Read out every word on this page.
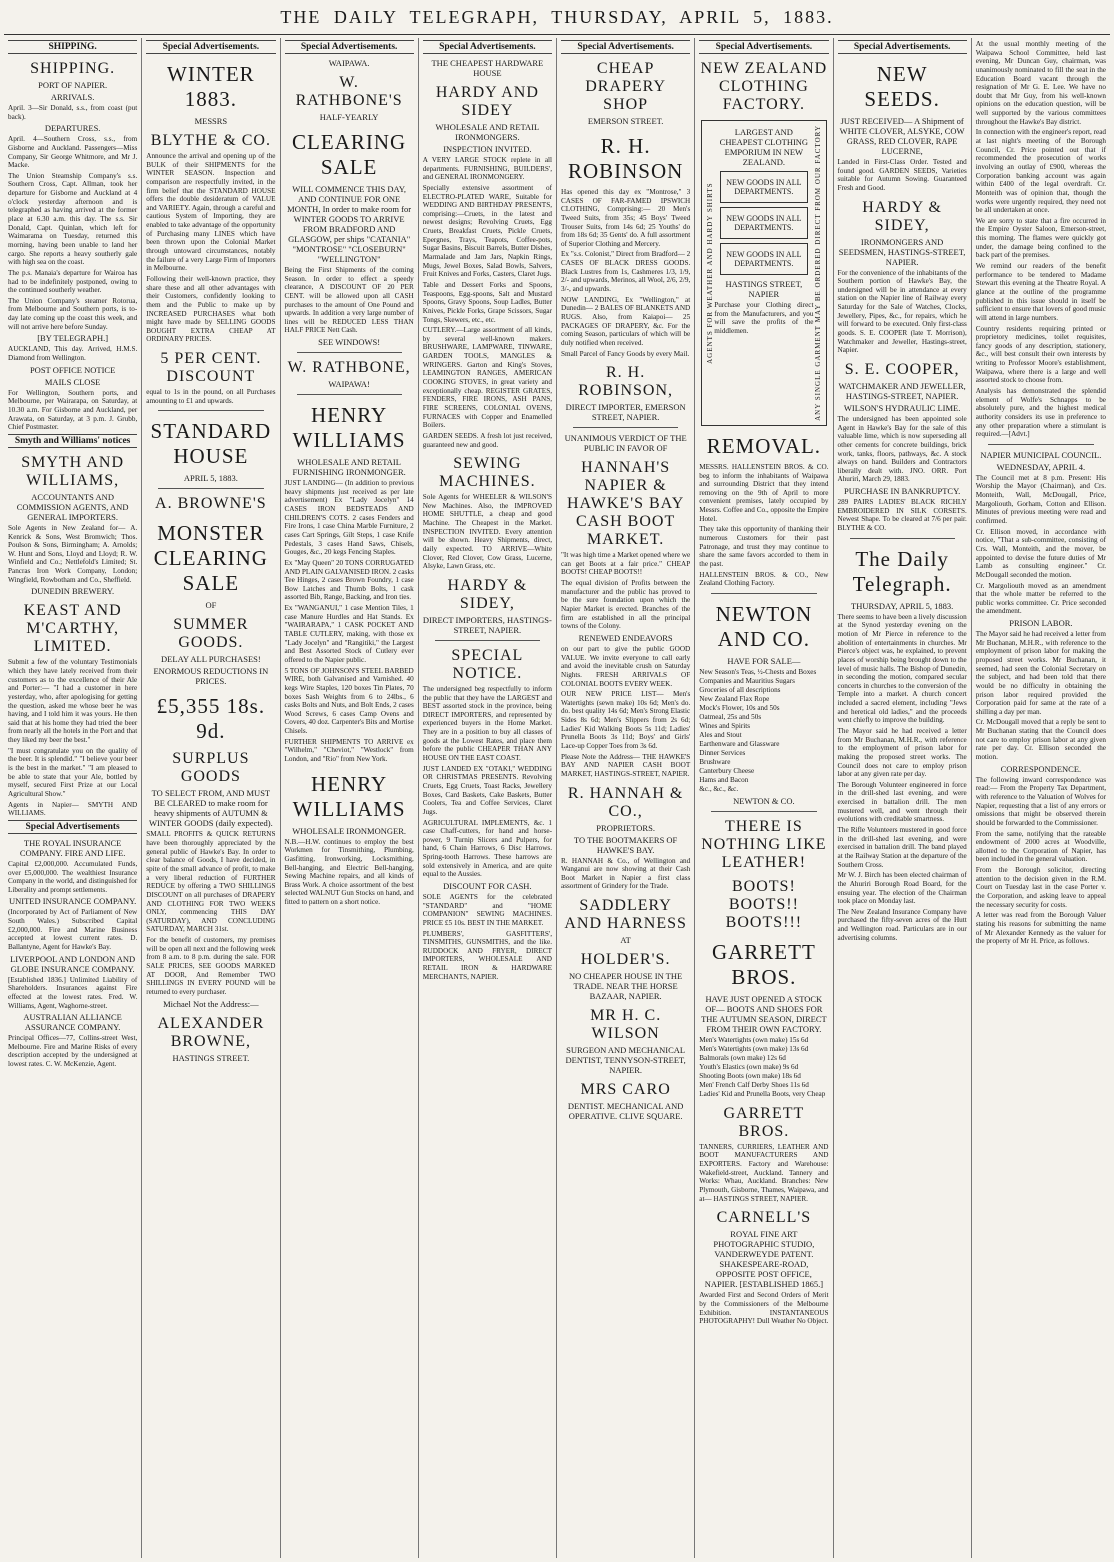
THE DAILY TELEGRAPH, THURSDAY, APRIL 5, 1883.
SHIPPING.
SHIPPING.
PORT OF NAPIER.
ARRIVALS.
April. 3—Sir Donald, s.s., from coast (put back).
DEPARTURES.
April. 4—Southern Cross, s.s., from Gisborne and Auckland. Passengers—Miss Company, Sir George Whitmore, and Mr J. Macke.
The Union Steamship Company's s.s. Southern Cross, Capt. Allman, took her departure for Gisborne and Auckland at 4 o'clock yesterday afternoon and is telegraphed as having arrived at the former place at 6.30 a.m. this day. The s.s. Sir Donald, Capt. Quinlan, which left for Waimarama on Tuesday, returned this morning, having been unable to land her cargo. She reports a heavy southerly gale with high sea on the coast.
The p.s. Manaia's departure for Wairoa has had to be indefinitely postponed, owing to the continued southerly weather.
The Union Company's steamer Rotorua, from Melbourne and Southern ports, is to-day late coming up the coast this week, and will not arrive here before Sunday.
[BY TELEGRAPH.]
AUCKLAND, This day. Arrived, H.M.S. Diamond from Wellington.
POST OFFICE NOTICE
MAILS CLOSE
For Wellington, Southern ports, and Melbourne, per Wairarapa, on Saturday, at 10.30 a.m. For Gisborne and Auckland, per Arawata, on Saturday, at 3 p.m. J. Grubb, Chief Postmaster.
Smyth and Williams' notices
SMYTH AND WILLIAMS,
ACCOUNTANTS AND COMMISSION AGENTS, AND GENERAL IMPORTERS.
Sole Agents in New Zealand for— A. Kenrick & Sons, West Bromwich; Thos. Poulson & Sons, Birmingham; A. Arnolds; W. Hunt and Sons, Lloyd and Lloyd; R. W. Winfield and Co.; Nettlefold's Limited; St. Pancras Iron Work Company, London; Wingfield, Rowbotham and Co., Sheffield.
DUNEDIN BREWERY.
KEAST AND M'CARTHY, LIMITED.
Submit a few of the voluntary Testimonials which they have lately received from their customers as to the excellence of their Ale and Porter:— "I had a customer in here yesterday, who, after apologising for getting the question, asked me whose beer he was having, and I told him it was yours. He then said that at his home they had tried the beer from nearly all the hotels in the Port and that they liked my beer the best."
"I must congratulate you on the quality of the beer. It is splendid." "I believe your beer is the best in the market." "I am pleased to be able to state that your Ale, bottled by myself, secured First Prize at our Local Agricultural Show."
Agents in Napier— SMYTH AND WILLIAMS.
Special Advertisements
THE ROYAL INSURANCE COMPANY. FIRE AND LIFE.
Capital £2,000,000. Accumulated Funds, over £5,000,000. The wealthiest Insurance Company in the world, and distinguished for Liberality and prompt settlements.
UNITED INSURANCE COMPANY.
(Incorporated by Act of Parliament of New South Wales.) Subscribed Capital £2,000,000. Fire and Marine Business accepted at lowest current rates. D. Ballantyne, Agent for Hawke's Bay.
LIVERPOOL AND LONDON AND GLOBE INSURANCE COMPANY.
[Established 1836.] Unlimited Liability of Shareholders. Insurances against Fire effected at the lowest rates. Fred. W. Williams, Agent, Waghorne-street.
AUSTRALIAN ALLIANCE ASSURANCE COMPANY.
Principal Offices—77, Collins-street West, Melbourne. Fire and Marine Risks of every description accepted by the undersigned at lowest rates. C. W. McKenzie, Agent.
Special Advertisements.
WINTER 1883.
MESSRS
BLYTHE & CO.
Announce the arrival and opening up of the BULK of their SHIPMENTS for the WINTER SEASON. Inspection and comparison are respectfully invited, in the firm belief that the STANDARD HOUSE offers the double desideratum of VALUE and VARIETY. Again, through a careful and cautious System of Importing, they are enabled to take advantage of the opportunity of Purchasing many LINES which have been thrown upon the Colonial Market through untoward circumstances, notably the failure of a very Large Firm of Importers in Melbourne.
Following their well-known practice, they share these and all other advantages with their Customers, confidently looking to them and the Public to make up by INCREASED PURCHASES what both might have made by SELLING GOODS BOUGHT EXTRA CHEAP AT ORDINARY PRICES.
5 PER CENT. DISCOUNT
equal to 1s in the pound, on all Purchases amounting to £1 and upwards.
STANDARD HOUSE
APRIL 5, 1883.
A. BROWNE'S
MONSTER CLEARING SALE
OF
SUMMER GOODS.
DELAY ALL PURCHASES!
ENORMOUS REDUCTIONS IN PRICES.
£5,355 18s. 9d.
SURPLUS GOODS
TO SELECT FROM, AND MUST BE CLEARED to make room for heavy shipments of AUTUMN & WINTER GOODS (daily expected).
SMALL PROFITS & QUICK RETURNS have been thoroughly appreciated by the general public of Hawke's Bay. In order to clear balance of Goods, I have decided, in spite of the small advance of profit, to make a very liberal reduction of FURTHER REDUCE by offering a TWO SHILLINGS DISCOUNT on all purchases of DRAPERY AND CLOTHING FOR TWO WEEKS ONLY, commencing THIS DAY (SATURDAY), AND CONCLUDING SATURDAY, MARCH 31st.
For the benefit of customers, my premises will be open all next and the following week from 8 a.m. to 8 p.m. during the sale. FOR SALE PRICES, SEE GOODS MARKED AT DOOR, And Remember TWO SHILLINGS IN EVERY POUND will be returned to every purchaser.
Michael Not the Address:—
ALEXANDER BROWNE,
HASTINGS STREET.
Special Advertisements.
WAIPAWA.
W. RATHBONE'S
HALF-YEARLY
CLEARING SALE
WILL COMMENCE THIS DAY, AND CONTINUE FOR ONE MONTH, In order to make room for WINTER GOODS TO ARRIVE FROM BRADFORD AND GLASGOW, per ships "CATANIA" "MONTROSE" "CLOSEBURN" "WELLINGTON"
Being the First Shipments of the coming Season. In order to effect a speedy clearance, A DISCOUNT OF 20 PER CENT. will be allowed upon all CASH purchases to the amount of One Pound and upwards. In addition a very large number of lines will be REDUCED LESS THAN HALF PRICE Nett Cash.
SEE WINDOWS!
W. RATHBONE,
WAIPAWA!
HENRY WILLIAMS
WHOLESALE AND RETAIL FURNISHING IRONMONGER.
JUST LANDING— (In addition to previous heavy shipments just received as per late advertisement) Ex "Lady Jocelyn" 14 CASES IRON BEDSTEADS AND CHILDREN'S COTS. 2 cases Fenders and Fire Irons, 1 case China Marble Furniture, 2 cases Cart Springs, Gilt Steps, 1 case Knife Pedestals, 3 cases Hand Saws, Chisels, Gouges, &c., 20 kegs Fencing Staples.
Ex "May Queen" 20 TONS CORRUGATED AND PLAIN GALVANISED IRON. 2 casks Tee Hinges, 2 cases Brown Foundry, 1 case Bow Latches and Thumb Bolts, 1 cask assorted Bib, Range, Backing, and Iron ties.
Ex "WANGANUI," 1 case Mention Tiles, 1 case Manure Hurdles and Hat Stands. Ex "WAIRARAPA," 1 CASK POCKET AND TABLE CUTLERY, making, with those ex "Lady Jocelyn" and "Rangitiki," the Largest and Best Assorted Stock of Cutlery ever offered to the Napier public.
5 TONS OF JOHNSON'S STEEL BARBED WIRE, both Galvanised and Varnished. 40 kegs Wire Staples, 120 boxes Tin Plates, 70 boxes Sash Weights from 6 to 24lbs., 6 casks Bolts and Nuts, and Bolt Ends, 2 cases Wood Screws, 6 cases Camp Ovens and Covers, 40 doz. Carpenter's Bits and Mortise Chisels.
FURTHER SHIPMENTS TO ARRIVE ex "Wilhelm," "Cheviot," "Westlock" from London, and "Rio" from New York.
HENRY WILLIAMS
WHOLESALE IRONMONGER.
N.B.—H.W. continues to employ the best Workmen for Tinsmithing, Plumbing, Gasfitting, Ironworking, Locksmithing, Bell-hanging, and Electric Bell-hanging, Sewing Machine repairs, and all kinds of Brass Work. A choice assortment of the best selected WALNUT Gun Stocks on hand, and fitted to pattern on a short notice.
Special Advertisements.
THE CHEAPEST HARDWARE HOUSE
HARDY AND SIDEY
WHOLESALE AND RETAIL IRONMONGERS.
INSPECTION INVITED.
A VERY LARGE STOCK replete in all departments. FURNISHING, BUILDERS', and GENERAL IRONMONGERY.
Specially extensive assortment of ELECTRO-PLATED WARE, Suitable for WEDDING AND BIRTHDAY PRESENTS, comprising:—Cruets, in the latest and newest designs; Revolving Cruets, Egg Cruets, Breakfast Cruets, Pickle Cruets, Epergnes, Trays, Teapots, Coffee-pots, Sugar Basins, Biscuit Barrels, Butter Dishes, Marmalade and Jam Jars, Napkin Rings, Mugs, Jewel Boxes, Salad Bowls, Salvers, Fruit Knives and Forks, Casters, Claret Jugs.
Table and Dessert Forks and Spoons, Teaspoons, Egg-spoons, Salt and Mustard Spoons, Gravy Spoons, Soup Ladles, Butter Knives, Pickle Forks, Grape Scissors, Sugar Tongs, Skewers, etc., etc.
CUTLERY.—Large assortment of all kinds, by several well-known makers. BRUSHWARE, LAMPWARE, TINWARE, GARDEN TOOLS, MANGLES & WRINGERS. Garton and King's Stoves, LEAMINGTON RANGES, AMERICAN COOKING STOVES, in great variety and exceptionally cheap. REGISTER GRATES, FENDERS, FIRE IRONS, ASH PANS, FIRE SCREENS, COLONIAL OVENS, FURNACES with Copper and Enamelled Boilers.
GARDEN SEEDS. A fresh lot just received, guaranteed new and good.
SEWING MACHINES.
Sole Agents for WHEELER & WILSON'S New Machines. Also, the IMPROVED HOME SHUTTLE, a cheap and good Machine. The Cheapest in the Market. INSPECTION INVITED. Every attention will be shown. Heavy Shipments, direct, daily expected. TO ARRIVE—White Clover, Red Clover, Cow Grass, Lucerne, Alsyke, Lawn Grass, etc.
HARDY & SIDEY,
DIRECT IMPORTERS, HASTINGS-STREET, NAPIER.
SPECIAL NOTICE.
The undersigned beg respectfully to inform the public that they have the LARGEST and BEST assorted stock in the province, being DIRECT IMPORTERS, and represented by experienced buyers in the Home Market. They are in a position to buy all classes of goods at the Lowest Rates, and place them before the public CHEAPER THAN ANY HOUSE ON THE EAST COAST.
JUST LANDED EX "OTAKI," WEDDING OR CHRISTMAS PRESENTS. Revolving Cruets, Egg Cruets, Toast Racks, Jewellery Boxes, Card Baskets, Cake Baskets, Butter Coolers, Tea and Coffee Services, Claret Jugs.
AGRICULTURAL IMPLEMENTS, &c. 1 case Chaff-cutters, for hand and horse-power, 9 Turnip Slicers and Pulpers, for hand, 6 Chain Harrows, 6 Disc Harrows. Spring-tooth Harrows. These harrows are sold extensively in America, and are quite equal to the Aussies.
DISCOUNT FOR CASH.
SOLE AGENTS for the celebrated "STANDARD" and "HOME COMPANION" SEWING MACHINES. PRICE £5 10s. BEST IN THE MARKET.
PLUMBERS', GASFITTERS', TINSMITHS, GUNSMITHS, and the like. RUDDOCK AND FRYER, DIRECT IMPORTERS, WHOLESALE AND RETAIL IRON & HARDWARE MERCHANTS, NAPIER.
Special Advertisements.
CHEAP DRAPERY SHOP
EMERSON STREET.
R. H. ROBINSON
Has opened this day ex "Montrose," 3 CASES OF FAR-FAMED IPSWICH CLOTHING, Comprising:— 20 Men's Tweed Suits, from 35s; 45 Boys' Tweed Trouser Suits, from 14s 6d; 25 Youths' do from 18s 6d; 35 Gents' do. A full assortment of Superior Clothing and Mercery.
Ex "s.s. Colonist," Direct from Bradford— 2 CASES OF BLACK DRESS GOODS. Black Lustres from 1s, Cashmeres 1/3, 1/9, 2/- and upwards, Merinos, all Wool, 2/6, 2/9, 3/-, and upwards.
NOW LANDING, Ex "Wellington," at Dunedin— 2 BALES OF BLANKETS AND RUGS. Also, from Kaiapoi— 25 PACKAGES OF DRAPERY, &c. For the coming Season, particulars of which will be duly notified when received.
Small Parcel of Fancy Goods by every Mail.
R. H. ROBINSON,
DIRECT IMPORTER, EMERSON STREET, NAPIER.
UNANIMOUS VERDICT OF THE PUBLIC IN FAVOR OF
HANNAH'S NAPIER & HAWKE'S BAY CASH BOOT MARKET.
"It was high time a Market opened where we can get Boots at a fair price." CHEAP BOOTS! CHEAP BOOTS!!
The equal division of Profits between the manufacturer and the public has proved to be the sure foundation upon which the Napier Market is erected. Branches of the firm are established in all the principal towns of the Colony.
RENEWED ENDEAVORS
on our part to give the public GOOD VALUE. We invite everyone to call early and avoid the inevitable crush on Saturday Nights. FRESH ARRIVALS OF COLONIAL BOOTS EVERY WEEK.
OUR NEW PRICE LIST— Men's Watertights (sewn make) 10s 6d; Men's do. do. best quality 14s 6d; Men's Strong Elastic Sides 8s 6d; Men's Slippers from 2s 6d; Ladies' Kid Walking Boots 5s 11d; Ladies' Prunella Boots 3s 11d; Boys' and Girls' Lace-up Copper Toes from 3s 6d.
Please Note the Address— THE HAWKE'S BAY AND NAPIER CASH BOOT MARKET, HASTINGS-STREET, NAPIER.
R. HANNAH & CO.,
PROPRIETORS.
TO THE BOOTMAKERS OF HAWKE'S BAY.
R. HANNAH & Co., of Wellington and Wanganui are now showing at their Cash Boot Market in Napier a first class assortment of Grindery for the Trade.
SADDLERY AND HARNESS
AT
HOLDER'S.
NO CHEAPER HOUSE IN THE TRADE. NEAR THE HORSE BAZAAR, NAPIER.
MR H. C. WILSON
SURGEON AND MECHANICAL DENTIST, TENNYSON-STREET, NAPIER.
MRS CARO
DENTIST. MECHANICAL AND OPERATIVE. CLIVE SQUARE.
Special Advertisements.
NEW ZEALAND CLOTHING FACTORY.
AGENTS FOR WEATHER AND HARDY SHIRTS
LARGEST AND CHEAPEST CLOTHING EMPORIUM IN NEW ZEALAND.
NEW GOODS IN ALL DEPARTMENTS.
NEW GOODS IN ALL DEPARTMENTS.
NEW GOODS IN ALL DEPARTMENTS.
HASTINGS STREET, NAPIER
Purchase your Clothing direct from the Manufacturers, and you will save the profits of the middlemen.	ANY SINGLE GARMENT MAY BE ORDERED DIRECT FROM OUR FACTORY
REMOVAL.
MESSRS. HALLENSTEIN BROS. & CO. beg to inform the inhabitants of Waipawa and surrounding District that they intend removing on the 9th of April to more convenient premises, lately occupied by Messrs. Coffee and Co., opposite the Empire Hotel.
They take this opportunity of thanking their numerous Customers for their past Patronage, and trust they may continue to share the same favors accorded to them in the past.
HALLENSTEIN BROS. & CO., New Zealand Clothing Factory.
NEWTON AND CO.
HAVE FOR SALE—
New Season's Teas, ½-Chests and Boxes
Companies and Mauritius Sugars
Groceries of all descriptions
New Zealand Flax Rope
Mock's Flower, 10s and 50s
Oatmeal, 25s and 50s
Wines and Spirits
Ales and Stout
Earthenware and Glassware
Dinner Services
Brushware
Canterbury Cheese
Hams and Bacon
&c., &c., &c.
NEWTON & CO.
THERE IS NOTHING LIKE LEATHER!
BOOTS! BOOTS!! BOOTS!!!
GARRETT BROS.
HAVE JUST OPENED A STOCK OF— BOOTS AND SHOES FOR THE AUTUMN SEASON, DIRECT FROM THEIR OWN FACTORY.
Men's Watertights (own make) 15s 6d
Men's Watertights (own make) 13s 6d
Balmorals (own make) 12s 6d
Youth's Elastics (own make) 9s 6d
Shooting Boots (own make) 18s 6d
Men' French Calf Derby Shoes 11s 6d
Ladies' Kid and Prunella Boots, very Cheap
GARRETT BROS.
TANNERS, CURRIERS, LEATHER AND BOOT MANUFACTURERS AND EXPORTERS. Factory and Warehouse: Wakefield-street, Auckland. Tannery and Works: Whau, Auckland. Branches: New Plymouth, Gisborne, Thames, Waipawa, and at— HASTINGS STREET, NAPIER.
CARNELL'S
ROYAL FINE ART PHOTOGRAPHIC STUDIO, VANDERWEYDE PATENT. SHAKESPEARE-ROAD, OPPOSITE POST OFFICE, NAPIER. [ESTABLISHED 1865.]
Awarded First and Second Orders of Merit by the Commissioners of the Melbourne Exhibition. INSTANTANEOUS PHOTOGRAPHY! Dull Weather No Object.
Special Advertisements.
NEW SEEDS.
JUST RECEIVED— A Shipment of WHITE CLOVER, ALSYKE, COW GRASS, RED CLOVER, RAPE LUCERNE,
Landed in First-Class Order. Tested and found good. GARDEN SEEDS, Varieties suitable for Autumn Sowing. Guaranteed Fresh and Good.
HARDY & SIDEY,
IRONMONGERS AND SEEDSMEN, HASTINGS-STREET, NAPIER.
For the convenience of the inhabitants of the Southern portion of Hawke's Bay, the undersigned will be in attendance at every station on the Napier line of Railway every Saturday for the Sale of Watches, Clocks, Jewellery, Pipes, &c., for repairs, which he will forward to be executed. Only first-class goods. S. E. COOPER (late T. Morrison), Watchmaker and Jeweller, Hastings-street, Napier.
S. E. COOPER,
WATCHMAKER AND JEWELLER, HASTINGS-STREET, NAPIER.
WILSON'S HYDRAULIC LIME.
The undersigned has been appointed sole Agent in Hawke's Bay for the sale of this valuable lime, which is now superseding all other cements for concrete buildings, brick work, tanks, floors, pathways, &c. A stock always on hand. Builders and Contractors liberally dealt with. JNO. ORR. Port Ahuriri, March 29, 1883.
PURCHASE IN BANKRUPTCY.
289 PAIRS LADIES' BLACK RICHLY EMBROIDERED IN SILK CORSETS. Newest Shape. To be cleared at 7/6 per pair. BLYTHE & CO.
The Daily Telegraph.
THURSDAY, APRIL 5, 1883.
There seems to have been a lively discussion at the Synod yesterday evening on the motion of Mr Pierce in reference to the abolition of entertainments in churches. Mr Pierce's object was, he explained, to prevent places of worship being brought down to the level of music halls. The Bishop of Dunedin, in seconding the motion, compared secular concerts in churches to the conversion of the Temple into a market. A church concert included a sacred element, including "Jews and heretical old ladies," and the proceeds went chiefly to improve the building.
The Mayor said he had received a letter from Mr Buchanan, M.H.R., with reference to the employment of prison labor for making the proposed street works. The Council does not care to employ prison labor at any given rate per day.
The Borough Volunteer engineered in force in the drill-shed last evening, and were exercised in battalion drill. The men mustered well, and went through their evolutions with creditable smartness.
The Rifle Volunteers mustered in good force in the drill-shed last evening, and were exercised in battalion drill. The band played at the Railway Station at the departure of the Southern Cross.
Mr W. J. Birch has been elected chairman of the Ahuriri Borough Road Board, for the ensuing year. The election of the Chairman took place on Monday last.
The New Zealand Insurance Company have purchased the fifty-seven acres of the Hutt and Wellington road. Particulars are in our advertising columns.
At the usual monthly meeting of the Waipawa School Committee, held last evening, Mr Duncan Guy, chairman, was unanimously nominated to fill the seat in the Education Board vacant through the resignation of Mr G. E. Lee. We have no doubt that Mr Guy, from his well-known opinions on the education question, will be well supported by the various committees throughout the Hawke's Bay district.
In connection with the engineer's report, read at last night's meeting of the Borough Council, Cr. Price pointed out that if recommended the prosecution of works involving an outlay of £900, whereas the Corporation banking account was again within £400 of the legal overdraft. Cr. Monteith was of opinion that, though the works were urgently required, they need not be all undertaken at once.
We are sorry to state that a fire occurred in the Empire Oyster Saloon, Emerson-street, this morning. The flames were quickly got under, the damage being confined to the back part of the premises.
We remind our readers of the benefit performance to be tendered to Madame Stewart this evening at the Theatre Royal. A glance at the outline of the programme published in this issue should in itself be sufficient to ensure that lovers of good music will attend in large numbers.
Country residents requiring printed or proprietory medicines, toilet requisites, fancy goods of any description, stationery, &c., will best consult their own interests by writing to Professor Moore's establishment, Waipawa, where there is a large and well assorted stock to choose from.
Analysis has demonstrated the splendid element of Wolfe's Schnapps to be absolutely pure, and the highest medical authority considers its use in preference to any other preparation where a stimulant is required.—[Advt.]
NAPIER MUNICIPAL COUNCIL.
WEDNESDAY, APRIL 4.
The Council met at 8 p.m. Present: His Worship the Mayor (Chairman), and Crs. Monteith, Wall, McDougall, Price, Margoliouth, Gorham, Cotton and Ellison. Minutes of previous meeting were read and confirmed.
Cr. Ellison moved, in accordance with notice, "That a sub-committee, consisting of Crs. Wall, Monteith, and the mover, be appointed to devise the future duties of Mr Lamb as consulting engineer." Cr. McDougall seconded the motion.
Cr. Margoliouth moved as an amendment that the whole matter be referred to the public works committee. Cr. Price seconded the amendment.
PRISON LABOR.
The Mayor said he had received a letter from Mr Buchanan, M.H.R., with reference to the employment of prison labor for making the proposed street works. Mr Buchanan, it seemed, had seen the Colonial Secretary on the subject, and had been told that there would be no difficulty in obtaining the prison labor required provided the Corporation paid for same at the rate of a shilling a day per man.
Cr. McDougall moved that a reply be sent to Mr Buchanan stating that the Council does not care to employ prison labor at any given rate per day. Cr. Ellison seconded the motion.
CORRESPONDENCE.
The following inward correspondence was read:— From the Property Tax Department, with reference to the Valuation of Wolves for Napier, requesting that a list of any errors or omissions that might be observed therein should be forwarded to the Commissioner.
From the same, notifying that the rateable endowment of 2000 acres at Woodville, allotted to the Corporation of Napier, has been included in the general valuation.
From the Borough solicitor, directing attention to the decision given in the R.M. Court on Tuesday last in the case Porter v. the Corporation, and asking leave to appeal the necessary security for costs.
A letter was read from the Borough Valuer stating his reasons for submitting the name of Mr Alexander Kennedy as the valuer for the property of Mr H. Price, as follows.
